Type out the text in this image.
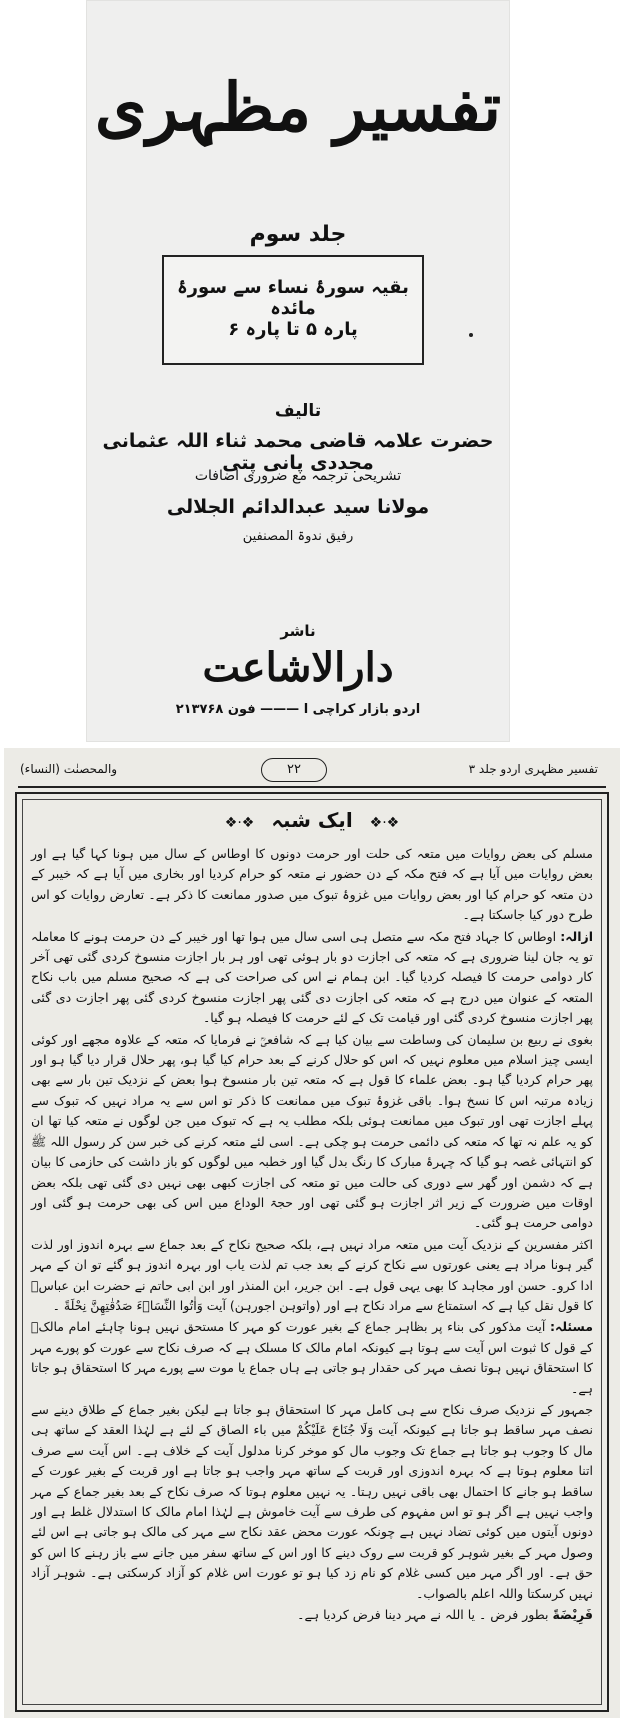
تفسیر مظہری
جلد سوم
بقیہ سورۂ نساء سے سورۂ مائدہ
پارہ ۵ تا پارہ ۶
تالیف
حضرت علامہ قاضی محمد ثناء اللہ عثمانی مجددی پانی پتی
تشریحی ترجمہ مع ضروری اضافات
مولانا سید عبدالدائم الجلالی
رفیق ندوۃ المصنفین
ناشر
دارالاشاعت
اردو بازار کراچی ا ——— فون ۲۱۳۷۶۸
تفسیر مظہری اردو جلد ۳
۲۲
والمحصنٰت (النساء)
❖·❖ ایک شبہ ❖·❖

مسلم کی بعض روایات میں متعہ کی حلت اور حرمت دونوں کا اوطاس کے سال میں ہونا کہا گیا ہے اور بعض روایات میں آیا ہے کہ فتح مکہ کے دن حضور نے متعہ کو حرام کردیا اور بخاری میں آیا ہے کہ خیبر کے دن متعہ کو حرام کیا اور بعض روایات میں غزوۂ تبوک میں صدور ممانعت کا ذکر ہے۔ تعارض روایات کو اس طرح دور کیا جاسکتا ہے۔

ازالہ: اوطاس کا جہاد فتح مکہ سے متصل ہی اسی سال میں ہوا تھا اور خیبر کے دن حرمت ہونے کا معاملہ تو یہ جان لینا ضروری ہے کہ متعہ کی اجازت دو بار ہوئی تھی اور ہر بار اجازت منسوخ کردی گئی تھی آخر کار دوامی حرمت کا فیصلہ کردیا گیا۔ ابن ہمام نے اس کی صراحت کی ہے کہ صحیح مسلم میں باب نکاح المتعہ کے عنوان میں درج ہے کہ متعہ کی اجازت دی گئی پھر اجازت منسوخ کردی گئی پھر اجازت دی گئی پھر اجازت منسوخ کردی گئی اور قیامت تک کے لئے حرمت کا فیصلہ ہو گیا۔

بغوی نے ربیع بن سلیمان کی وساطت سے بیان کیا ہے کہ شافعیؒ نے فرمایا کہ متعہ کے علاوہ مجھے اور کوئی ایسی چیز اسلام میں معلوم نہیں کہ اس کو حلال کرنے کے بعد حرام کیا گیا ہو، پھر حلال قرار دیا گیا ہو اور پھر حرام کردیا گیا ہو۔ بعض علماء کا قول ہے کہ متعہ تین بار منسوخ ہوا بعض کے نزدیک تین بار سے بھی زیادہ مرتبہ اس کا نسخ ہوا۔ باقی غزوۂ تبوک میں ممانعت کا ذکر تو اس سے یہ مراد نہیں کہ تبوک سے پہلے اجازت تھی اور تبوک میں ممانعت ہوئی بلکہ مطلب یہ ہے کہ تبوک میں جن لوگوں نے متعہ کیا تھا ان کو یہ علم نہ تھا کہ متعہ کی دائمی حرمت ہو چکی ہے۔ اسی لئے متعہ کرنے کی خبر سن کر رسول اللہ ﷺ کو انتہائی غصہ ہو گیا کہ چہرۂ مبارک کا رنگ بدل گیا اور خطبہ میں لوگوں کو باز داشت کی حازمی کا بیان ہے کہ دشمن اور گھر سے دوری کی حالت میں تو متعہ کی اجازت کبھی بھی نہیں دی گئی تھی بلکہ بعض اوقات میں ضرورت کے زیر اثر اجازت ہو گئی تھی اور حجۃ الوداع میں اس کی بھی حرمت ہو گئی اور دوامی حرمت ہو گئی۔

اکثر مفسرین کے نزدیک آیت میں متعہ مراد نہیں ہے، بلکہ صحیح نکاح کے بعد جماع سے بہرہ اندوز اور لذت گیر ہونا مراد ہے یعنی عورتوں سے نکاح کرنے کے بعد جب تم لذت یاب اور بہرہ اندوز ہو گئے تو ان کے مہر ادا کرو۔ حسن اور مجاہد کا بھی یہی قول ہے۔ ابن جریر، ابن المنذر اور ابن ابی حاتم نے حضرت ابن عباسؓ کا قول نقل کیا ہے کہ استمتاع سے مراد نکاح ہے اور (واتوہن اجورہن) آیت وَاٰتُوا النِّسَاۤءَ صَدُقٰتِهِنَّ نِحْلَةً ۔

مسئلہ: آیت مذکور کی بناء پر بظاہر جماع کے بغیر عورت کو مہر کا مستحق نہیں ہونا چاہئے امام مالکؒ کے قول کا ثبوت اس آیت سے ہوتا ہے کیونکہ امام مالک کا مسلک ہے کہ صرف نکاح سے عورت کو پورے مہر کا استحقاق نہیں ہوتا نصف مہر کی حقدار ہو جاتی ہے ہاں جماع یا موت سے پورے مہر کا استحقاق ہو جاتا ہے۔

جمہور کے نزدیک صرف نکاح سے ہی کامل مہر کا استحقاق ہو جاتا ہے لیکن بغیر جماع کے طلاق دینے سے نصف مہر ساقط ہو جاتا ہے کیونکہ آیت وَلَا جُنَاحَ عَلَيْكُمْ میں باء الصاق کے لئے ہے لہٰذا العقد کے ساتھ ہی مال کا وجوب ہو جاتا ہے جماع تک وجوب مال کو موخر کرنا مدلول آیت کے خلاف ہے۔ اس آیت سے صرف اتنا معلوم ہوتا ہے کہ بہرہ اندوزی اور قربت کے ساتھ مہر واجب ہو جاتا ہے اور قربت کے بغیر عورت کے ساقط ہو جانے کا احتمال بھی باقی نہیں رہتا۔ یہ نہیں معلوم ہوتا کہ صرف نکاح کے بعد بغیر جماع کے مہر واجب نہیں ہے اگر ہو تو اس مفہوم کی طرف سے آیت خاموش ہے لہٰذا امام مالک کا استدلال غلط ہے اور دونوں آیتوں میں کوئی تضاد نہیں ہے چونکہ عورت محض عقد نکاح سے مہر کی مالک ہو جاتی ہے اس لئے وصول مہر کے بغیر شوہر کو قربت سے روک دینے کا اور اس کے ساتھ سفر میں جانے سے باز رہنے کا اس کو حق ہے۔ اور اگر مہر میں کسی غلام کو نام زد کیا ہو تو عورت اس غلام کو آزاد کرسکتی ہے۔ شوہر آزاد نہیں کرسکتا واللہ اعلم بالصواب۔

فَرِيْضَةً بطور فرض ۔ یا اللہ نے مہر دینا فرض کردیا ہے۔
